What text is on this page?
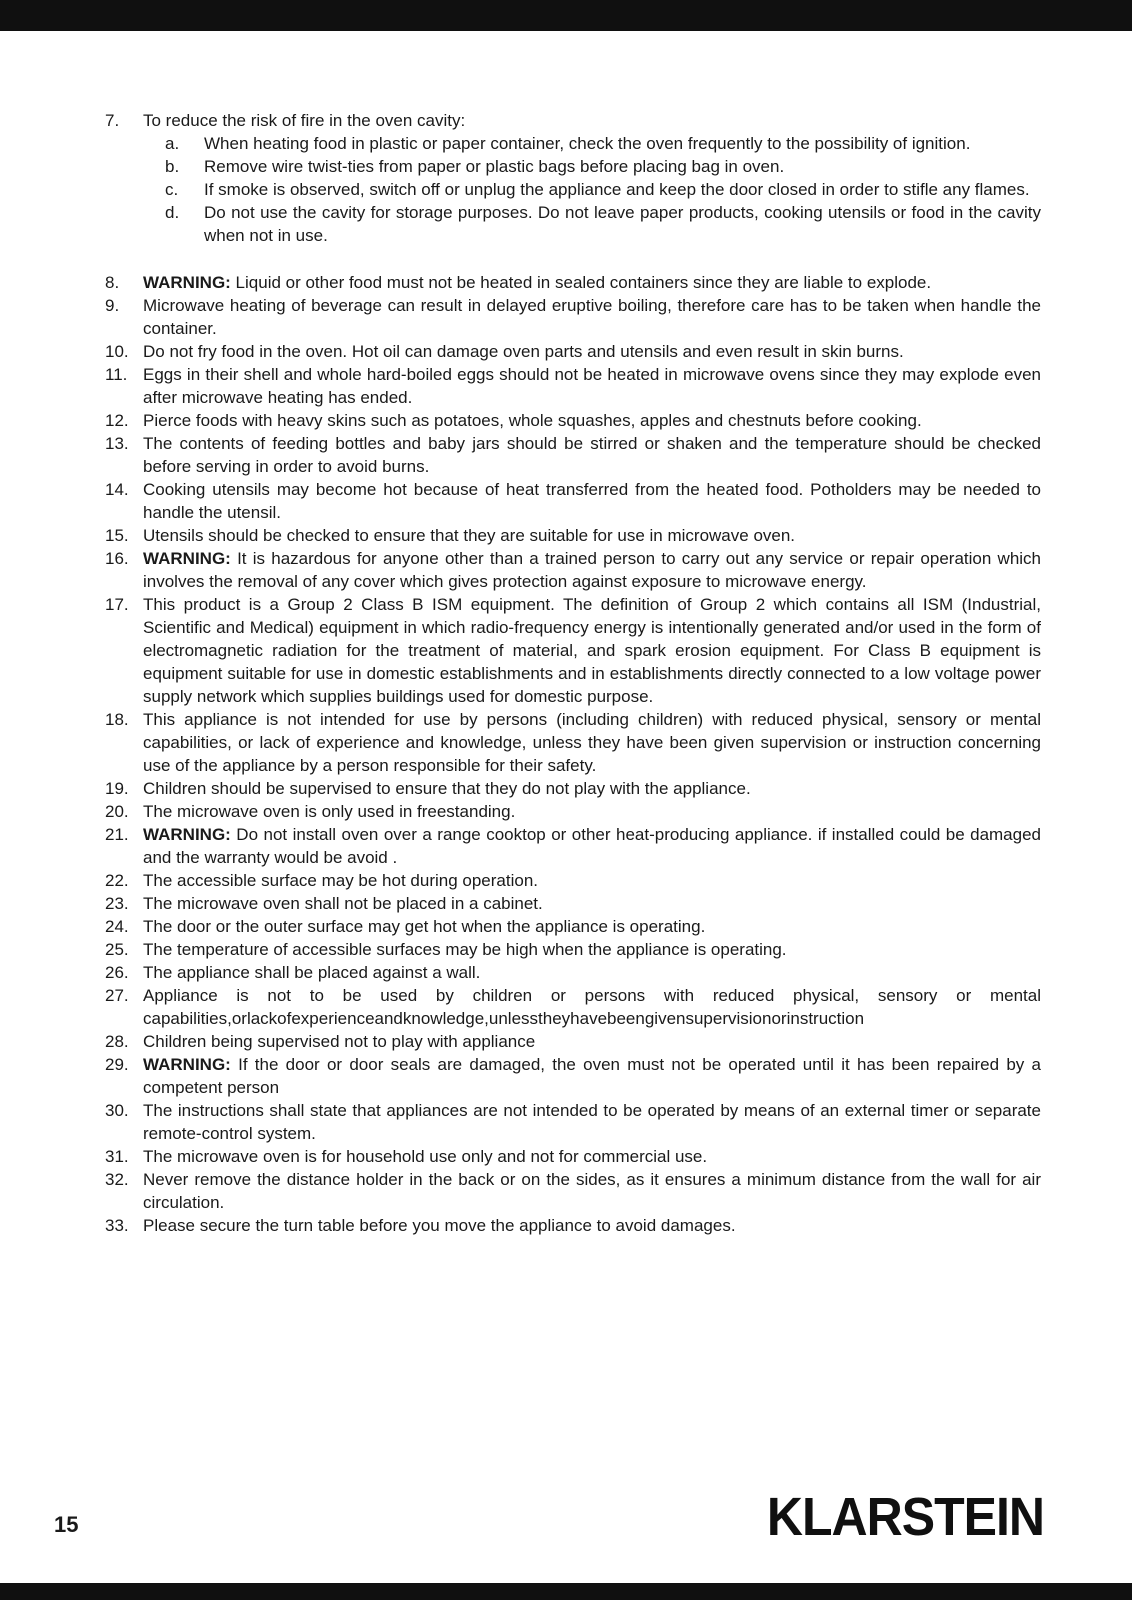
7.	To reduce the risk of fire in the oven cavity:
a.	When heating food in plastic or paper container, check the oven frequently to the possibility of ignition.
b.	Remove wire twist-ties from paper or plastic bags before placing bag in oven.
c.	If smoke is observed, switch off or unplug the appliance and keep the door closed in order to stifle any flames.
d.	Do not use the cavity for storage purposes. Do not leave paper products, cooking utensils or food in the cavity when not in use.
8.	WARNING: Liquid or other food must not be heated in sealed containers since they are liable to explode.
9.	Microwave heating of beverage can result in delayed eruptive boiling, therefore care has to be taken when handle the container.
10. Do not fry food in the oven. Hot oil can damage oven parts and utensils and even result in skin burns.
11. Eggs in their shell and whole hard-boiled eggs should not be heated in microwave ovens since they may explode even after microwave heating has ended.
12. Pierce foods with heavy skins such as potatoes, whole squashes, apples and chestnuts before cooking.
13. The contents of feeding bottles and baby jars should be stirred or shaken and the temperature should be checked before serving in order to avoid burns.
14. Cooking utensils may become hot because of heat transferred from the heated food. Potholders may be needed to handle the utensil.
15. Utensils should be checked to ensure that they are suitable for use in microwave oven.
16. WARNING: It is hazardous for anyone other than a trained person to carry out any service or repair operation which involves the removal of any cover which gives protection against exposure to microwave energy.
17. This product is a Group 2 Class B ISM equipment. The definition of Group 2 which contains all ISM (Industrial, Scientific and Medical) equipment in which radio-frequency energy is intentionally generated and/or used in the form of electromagnetic radiation for the treatment of material, and spark erosion equipment. For Class B equipment is equipment suitable for use in domestic establishments and in establishments directly connected to a low voltage power supply network which supplies buildings used for domestic purpose.
18. This appliance is not intended for use by persons (including children) with reduced physical, sensory or mental capabilities, or lack of experience and knowledge, unless they have been given supervision or instruction concerning use of the appliance by a person responsible for their safety.
19. Children should be supervised to ensure that they do not play with the appliance.
20. The microwave oven is only used in freestanding.
21. WARNING: Do not install oven over a range cooktop or other heat-producing appliance. if installed could be damaged and the warranty would be avoid .
22. The accessible surface may be hot during operation.
23. The microwave oven shall not be placed in a cabinet.
24. The door or the outer surface may get hot when the appliance is operating.
25. The temperature of accessible surfaces may be high when the appliance is operating.
26. The appliance shall be placed against a wall.
27. Appliance is not to be used by children or persons with reduced physical, sensory or mental capabilities,orlackofexperienceandknowledge,unlesstheyhavebeengivensupervisionorinstruction
28. Children being supervised not to play with appliance
29. WARNING: If the door or door seals are damaged, the oven must not be operated until it has been repaired by a competent person
30. The instructions shall state that appliances are not intended to be operated by means of an external timer or separate remote-control system.
31. The microwave oven is for household use only and not for commercial use.
32. Never remove the distance holder in the back or on the sides, as it ensures a minimum distance from the wall for air circulation.
33. Please secure the turn table before you move the appliance to avoid damages.
15	KLARSTEIN
